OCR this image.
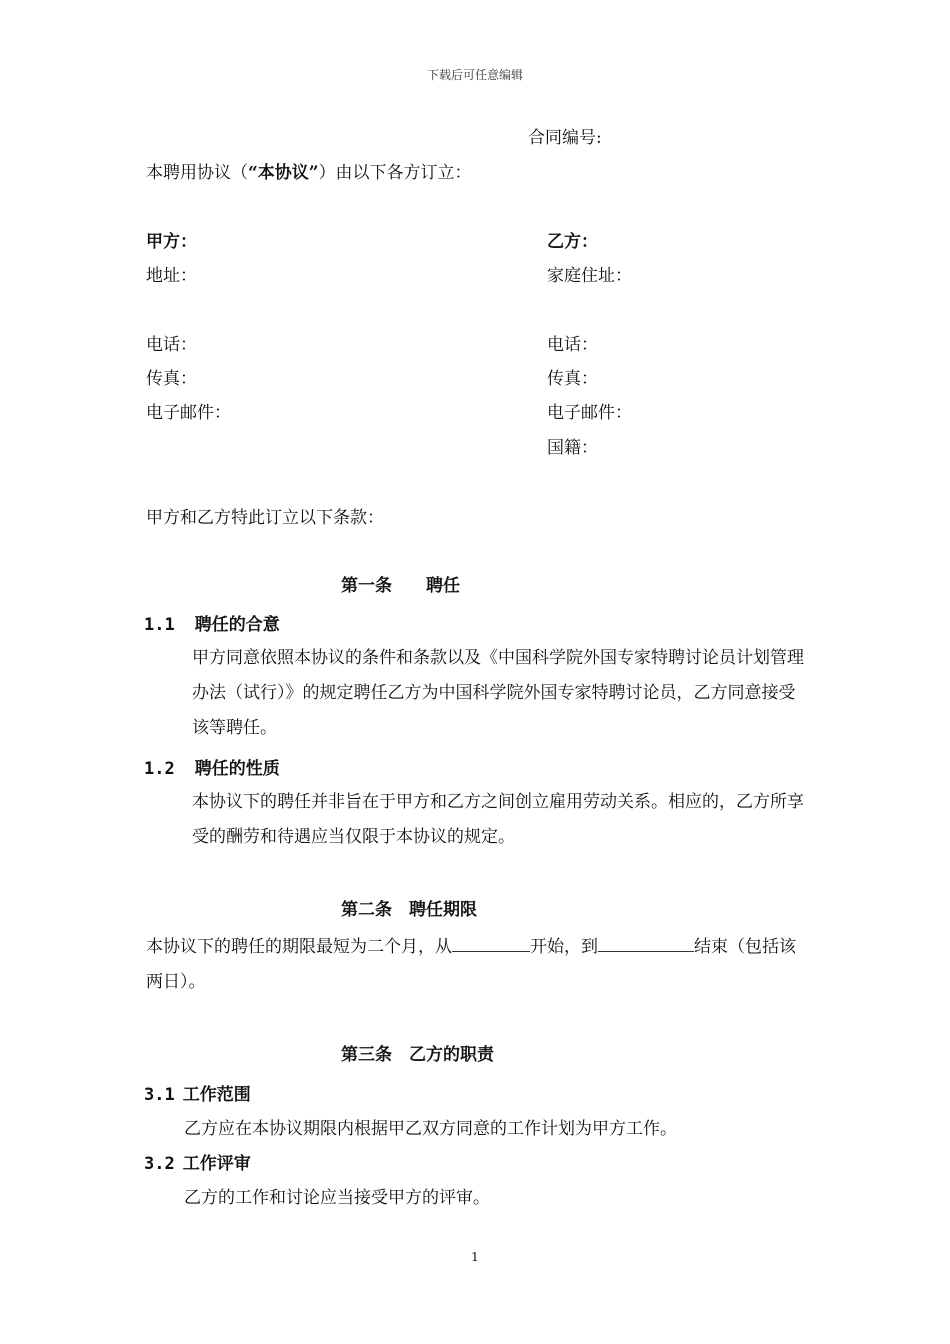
下载后可任意编辑
合同编号:
本聘用协议（“本协议”）由以下各方订立：
甲方：
地址：
电话：
传真：
电子邮件：
乙方：
家庭住址：
电话：
传真：
电子邮件：
国籍：
甲方和乙方特此订立以下条款：
第一条　　聘任
1.1 聘任的合意
甲方同意依照本协议的条件和条款以及《中国科学院外国专家特聘讨论员计划管理办法（试行）》的规定聘任乙方为中国科学院外国专家特聘讨论员，乙方同意接受该等聘任。
1.2 聘任的性质
本协议下的聘任并非旨在于甲方和乙方之间创立雇用劳动关系。相应的，乙方所享受的酬劳和待遇应当仅限于本协议的规定。
第二条　聘任期限
本协议下的聘任的期限最短为二个月，从	开始，到	结束（包括该两日）。
第三条　乙方的职责
3.1 工作范围
乙方应在本协议期限内根据甲乙双方同意的工作计划为甲方工作。
3.2 工作评审
乙方的工作和讨论应当接受甲方的评审。
1
